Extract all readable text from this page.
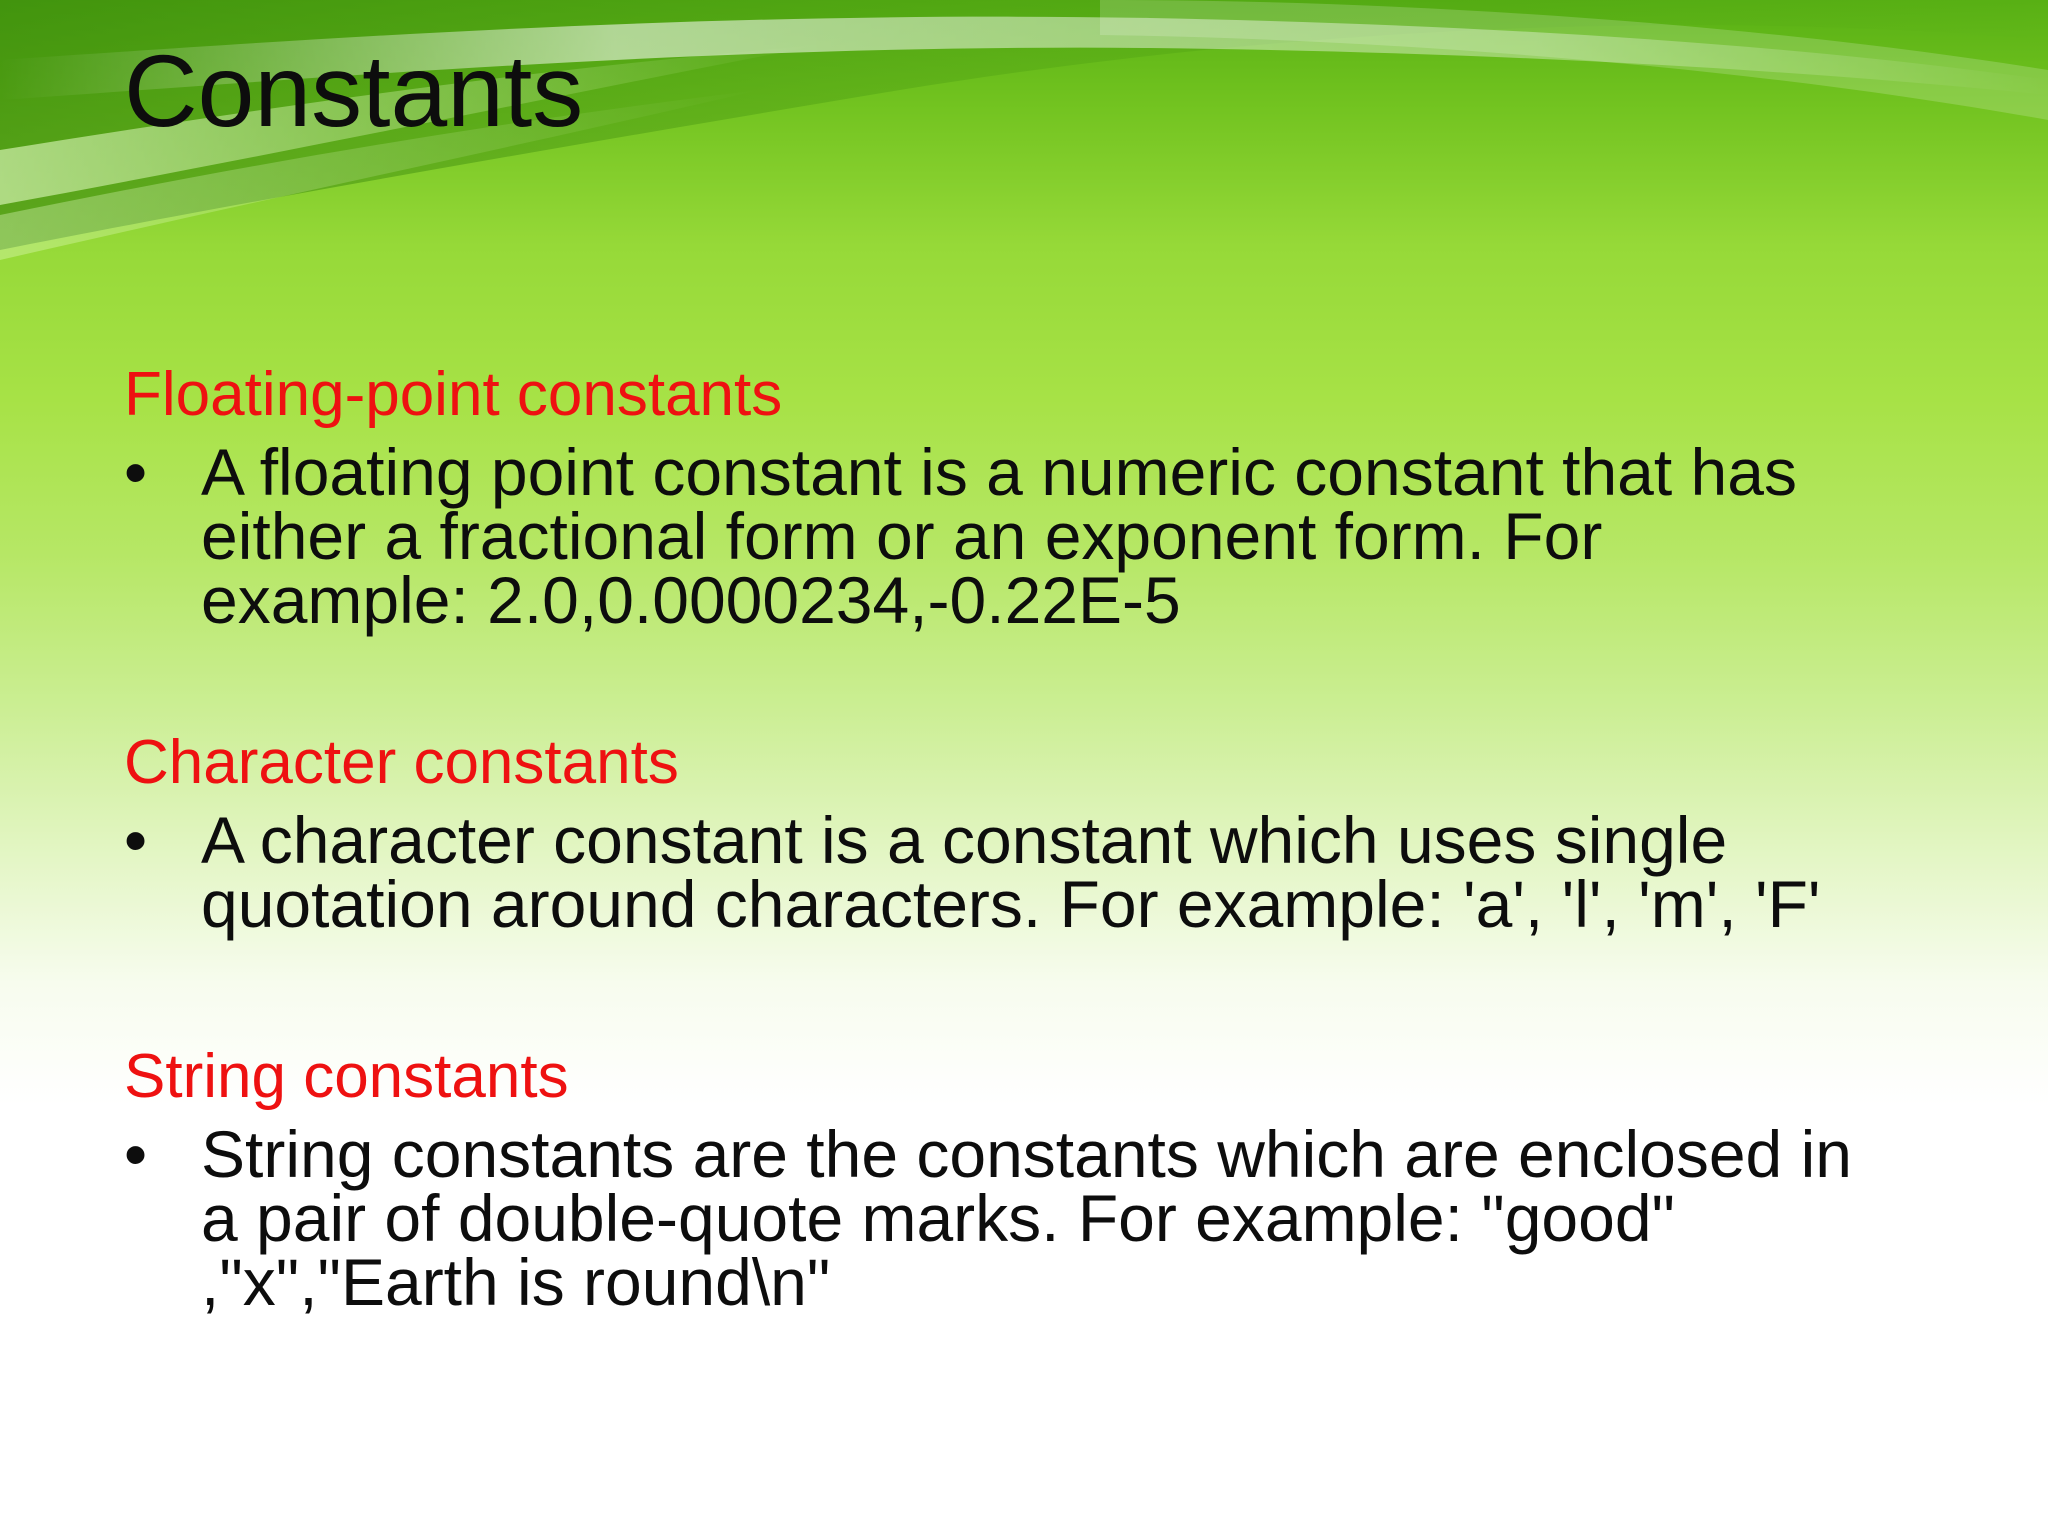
Constants

Floating-point constants

• A floating point constant is a numeric constant that has
either a fractional form or an exponent form. For
example: 2.0,0.0000234,-0.22E-5

Character constants

• A character constant is a constant which uses single
quotation around characters. For example: 'a', 'l', 'm', 'F'

String constants

• String constants are the constants which are enclosed in
a pair of double-quote marks. For example: "good"
,"x","Earth is round\n"
